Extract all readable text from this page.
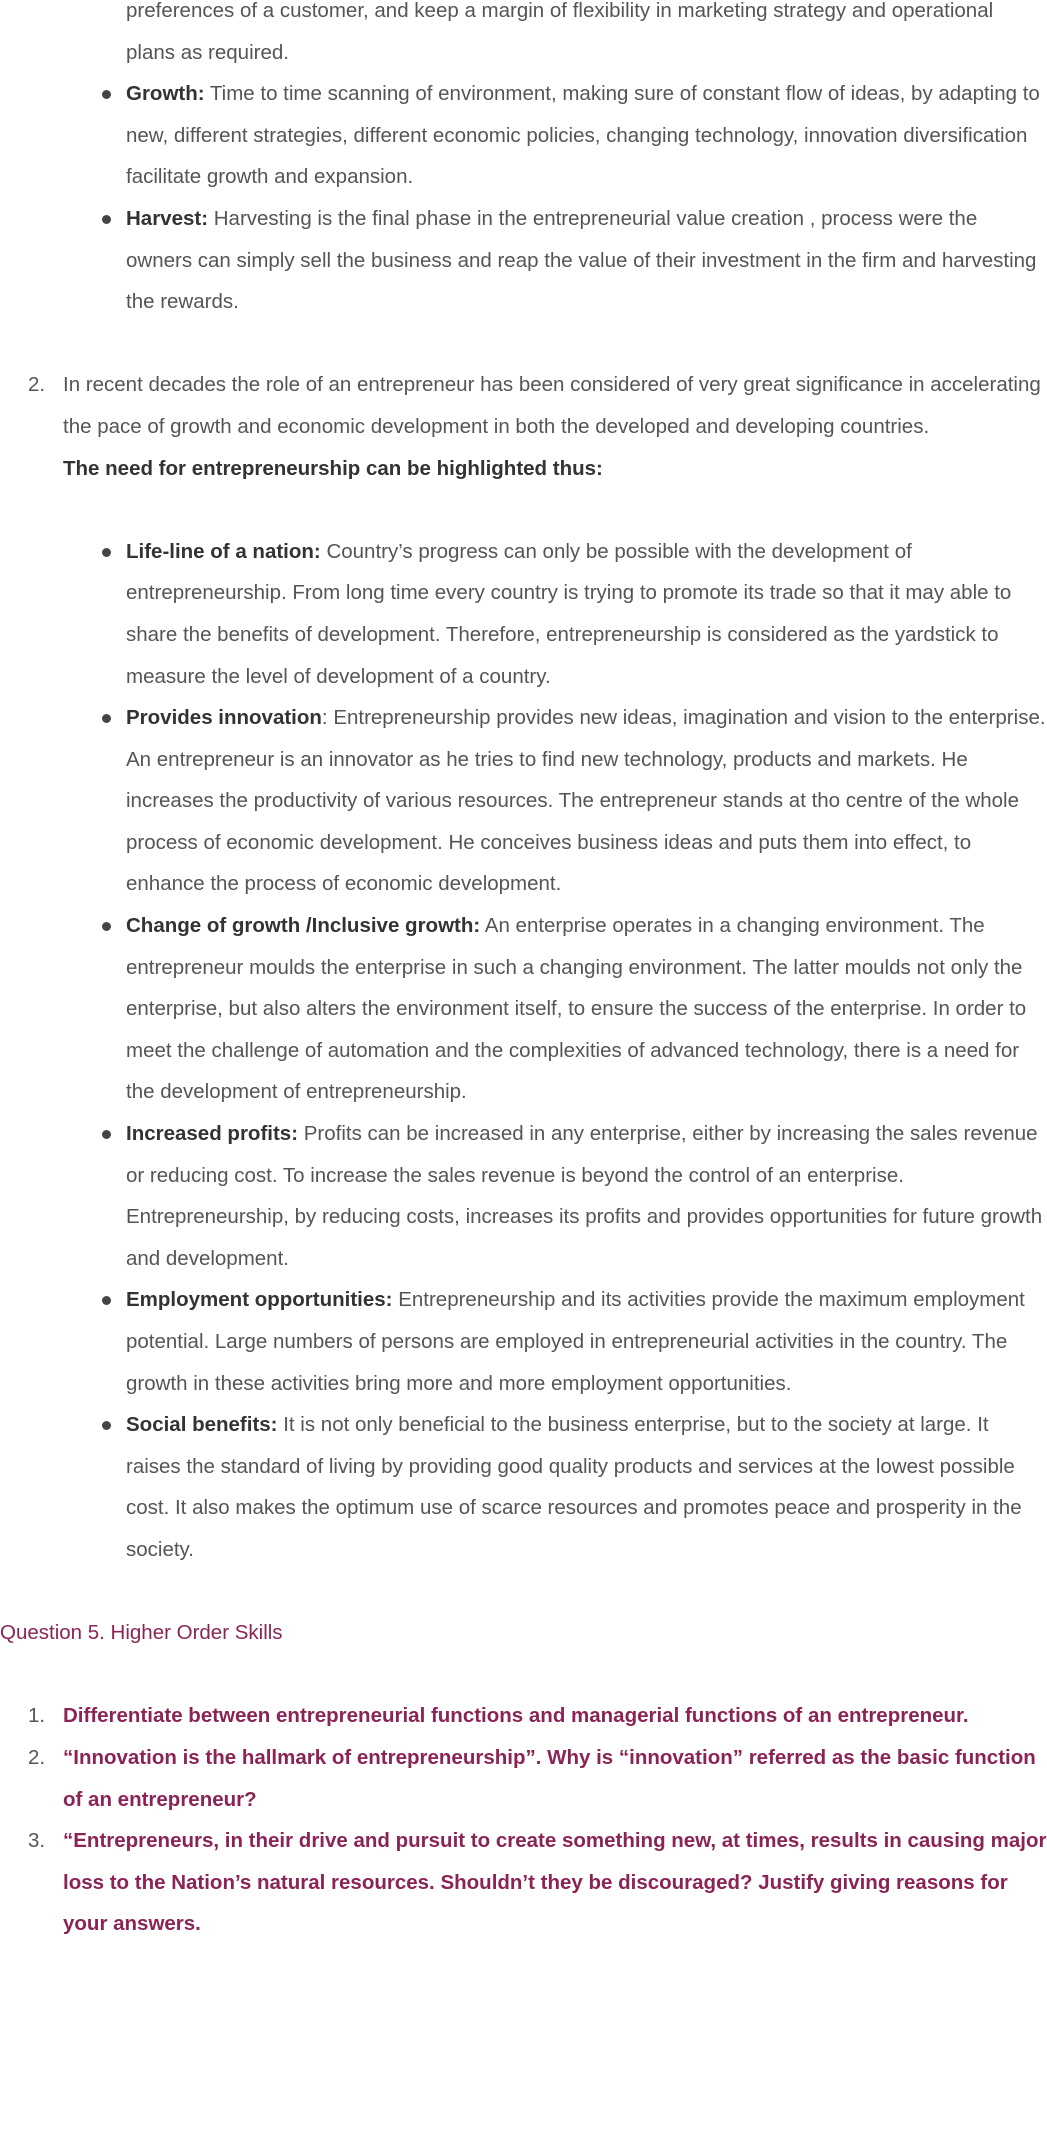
preferences of a customer, and keep a margin of flexibility in marketing strategy and operational plans as required.
Growth: Time to time scanning of environment, making sure of constant flow of ideas, by adapting to new, different strategies, different economic policies, changing technology, innovation diversification facilitate growth and expansion.
Harvest: Harvesting is the final phase in the entrepreneurial value creation , process were the owners can simply sell the business and reap the value of their investment in the firm and harvesting the rewards.
2. In recent decades the role of an entrepreneur has been considered of very great significance in accelerating the pace of growth and economic development in both the developed and developing countries.
The need for entrepreneurship can be highlighted thus:
Life-line of a nation: Country’s progress can only be possible with the development of entrepreneurship. From long time every country is trying to promote its trade so that it may able to share the benefits of development. Therefore, entrepreneurship is considered as the yardstick to measure the level of development of a country.
Provides innovation: Entrepreneurship provides new ideas, imagination and vision to the enterprise. An entrepreneur is an innovator as he tries to find new technology, products and markets. He increases the productivity of various resources. The entrepreneur stands at tho centre of the whole process of economic development. He conceives business ideas and puts them into effect, to enhance the process of economic development.
Change of growth /Inclusive growth: An enterprise operates in a changing environment. The entrepreneur moulds the enterprise in such a changing environment. The latter moulds not only the enterprise, but also alters the environment itself, to ensure the success of the enterprise. In order to meet the challenge of automation and the complexities of advanced technology, there is a need for the development of entrepreneurship.
Increased profits: Profits can be increased in any enterprise, either by increasing the sales revenue or reducing cost. To increase the sales revenue is beyond the control of an enterprise. Entrepreneurship, by reducing costs, increases its profits and provides opportunities for future growth and development.
Employment opportunities: Entrepreneurship and its activities provide the maximum employment potential. Large numbers of persons are employed in entrepreneurial activities in the country. The growth in these activities bring more and more employment opportunities.
Social benefits: It is not only beneficial to the business enterprise, but to the society at large. It raises the standard of living by providing good quality products and services at the lowest possible cost. It also makes the optimum use of scarce resources and promotes peace and prosperity in the society.
Question 5. Higher Order Skills
1. Differentiate between entrepreneurial functions and managerial functions of an entrepreneur.
2. “Innovation is the hallmark of entrepreneurship”. Why is “innovation” referred as the basic function of an entrepreneur?
3. “Entrepreneurs, in their drive and pursuit to create something new, at times, results in causing major loss to the Nation’s natural resources. Shouldn’t they be discouraged? Justify giving reasons for your answers.
